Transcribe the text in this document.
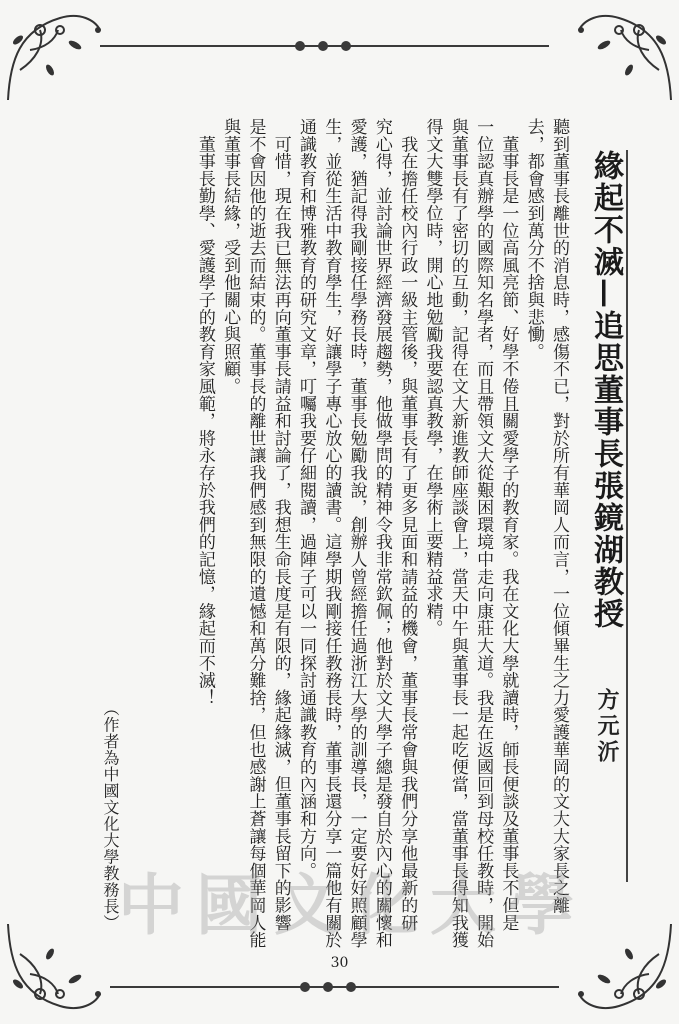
緣起不滅—追思董事長張鏡湖教授
方元沂
聽到董事長離世的消息時，感傷不已，對於所有華岡人而言，一位傾畢生之力愛護華岡的文大大家長之離
去，都會感到萬分不捨與悲慟。
　董事長是一位高風亮節、好學不倦且關愛學子的教育家。我在文化大學就讀時，師長便談及董事長不但是
一位認真辦學的國際知名學者，而且帶領文大從艱困環境中走向康莊大道。我是在返國回到母校任教時，開始
與董事長有了密切的互動，記得在文大新進教師座談會上，當天中午與董事長一起吃便當，當董事長得知我獲
得文大雙學位時，開心地勉勵我要認真教學，在學術上要精益求精。
　我在擔任校內行政一級主管後，與董事長有了更多見面和請益的機會，董事長常會與我們分享他最新的研
究心得，並討論世界經濟發展趨勢，他做學問的精神令我非常欽佩；他對於文大學子總是發自於內心的關懷和
愛護，猶記得我剛接任學務長時，董事長勉勵我說，創辦人曾經擔任過浙江大學的訓導長，一定要好好照顧學
生，並從生活中教育學生，好讓學子專心放心的讀書。這學期我剛接任教務長時，董事長還分享一篇他有關於
通識教育和博雅教育的研究文章，叮囑我要仔細閱讀，過陣子可以一同探討通識教育的內涵和方向。
　可惜，現在我已無法再向董事長請益和討論了，我想生命長度是有限的，緣起緣滅，但董事長留下的影響
是不會因他的逝去而結束的。董事長的離世讓我們感到無限的遺憾和萬分難捨，但也感謝上蒼讓每個華岡人能
與董事長結緣，受到他關心與照顧。
　董事長勤學、愛護學子的教育家風範，將永存於我們的記憶，緣起而不滅！
（作者為中國文化大學教務長）
中國文化大學
30
